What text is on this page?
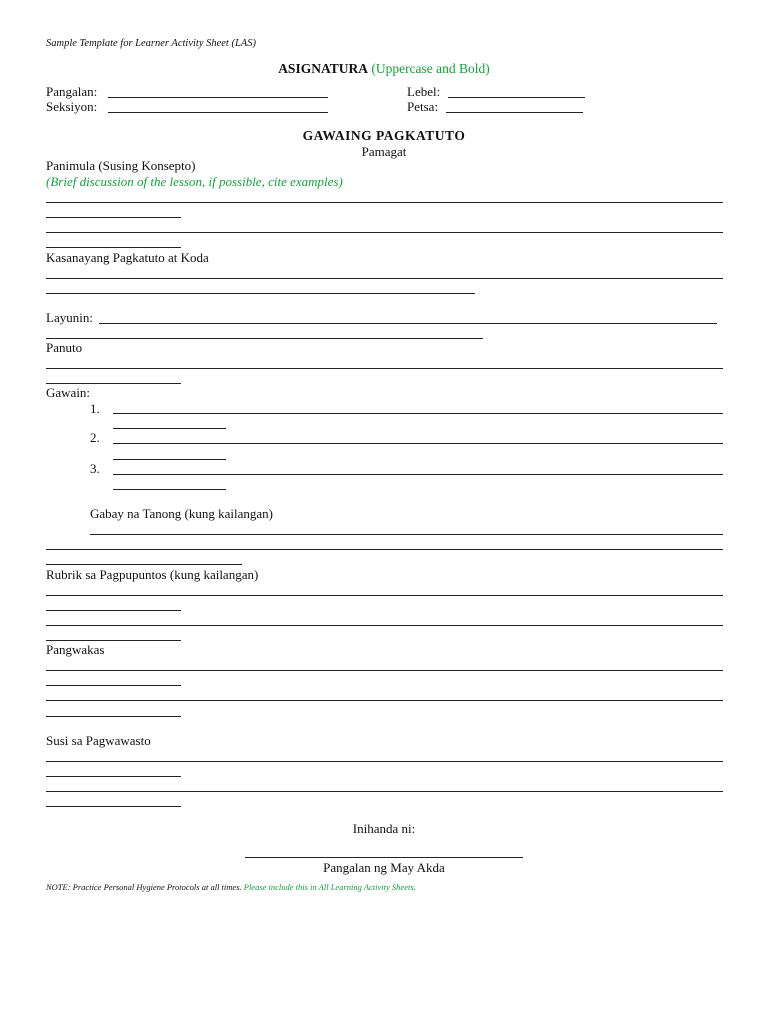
Sample Template for Learner Activity Sheet (LAS)
ASIGNATURA (Uppercase and Bold)
Pangalan:
Seksiyon:
Lebel:
Petsa:
GAWAING PAGKATUTO
Pamagat
Panimula (Susing Konsepto)
(Brief discussion of the lesson, if possible, cite examples)
Kasanayang Pagkatuto at Koda
Layunin:
Panuto
Gawain:
1.
2.
3.
Gabay na Tanong (kung kailangan)
Rubrik sa Pagpupuntos (kung kailangan)
Pangwakas
Susi sa Pagwawasto
Inihanda ni:
Pangalan ng May Akda
NOTE: Practice Personal Hygiene Protocols at all times. Please include this in All Learning Activity Sheets.
